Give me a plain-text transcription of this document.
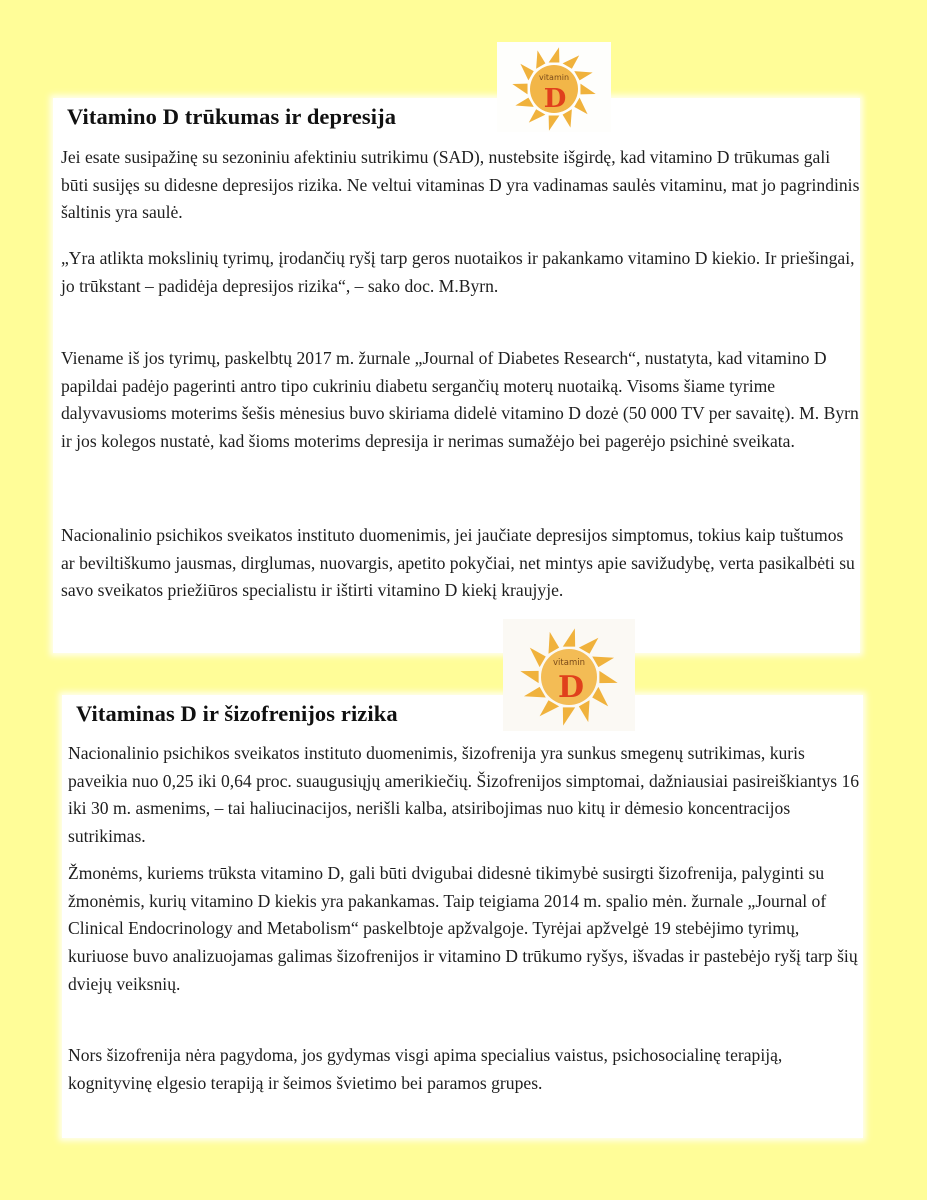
Vitamino D trūkumas ir depresija

Jei esate susipažinę su sezoniniu afektiniu sutrikimu (SAD), nustebsite išgirdę, kad vitamino D trūkumas gali būti susijęs su didesne depresijos rizika. Ne veltui vitaminas D yra vadinamas saulės vitaminu, mat jo pagrindinis šaltinis yra saulė.

„Yra atlikta mokslinių tyrimų, įrodančių ryšį tarp geros nuotaikos ir pakankamo vitamino D kiekio. Ir priešingai, jo trūkstant – padidėja depresijos rizika“, – sako doc. M.Byrn.

Viename iš jos tyrimų, paskelbtų 2017 m. žurnale „Journal of Diabetes Research“, nustatyta, kad vitamino D papildai padėjo pagerinti antro tipo cukriniu diabetu sergančių moterų nuotaiką. Visoms šiame tyrime dalyvavusioms moterims šešis mėnesius buvo skiriama didelė vitamino D dozė (50 000 TV per savaitę). M. Byrn ir jos kolegos nustatė, kad šioms moterims depresija ir nerimas sumažėjo bei pagerėjo psichinė sveikata.

Nacionalinio psichikos sveikatos instituto duomenimis, jei jaučiate depresijos simptomus, tokius kaip tuštumos ar beviltiškumo jausmas, dirglumas, nuovargis, apetito pokyčiai, net mintys apie savižudybę, verta pasikalbėti su savo sveikatos priežiūros specialistu ir ištirti vitamino D kiekį kraujyje.

Vitaminas D ir šizofrenijos rizika

Nacionalinio psichikos sveikatos instituto duomenimis, šizofrenija yra sunkus smegenų sutrikimas, kuris paveikia nuo 0,25 iki 0,64 proc. suaugusiųjų amerikiečių. Šizofrenijos simptomai, dažniausiai pasireiškiantys 16 iki 30 m. asmenims, – tai haliucinacijos, nerišli kalba, atsiribojimas nuo kitų ir dėmesio koncentracijos sutrikimas.

Žmonėms, kuriems trūksta vitamino D, gali būti dvigubai didesnė tikimybė susirgti šizofrenija, palyginti su žmonėmis, kurių vitamino D kiekis yra pakankamas. Taip teigiama 2014 m. spalio mėn. žurnale „Journal of Clinical Endocrinology and Metabolism“ paskelbtoje apžvalgoje. Tyrėjai apžvelgė 19 stebėjimo tyrimų, kuriuose buvo analizuojamas galimas šizofrenijos ir vitamino D trūkumo ryšys, išvadas ir pastebėjo ryšį tarp šių dviejų veiksnių.

Nors šizofrenija nėra pagydoma, jos gydymas visgi apima specialius vaistus, psichosocialinę terapiją, kognityvinę elgesio terapiją ir šeimos švietimo bei paramos grupes.

vitamin
D
vitamin
D
